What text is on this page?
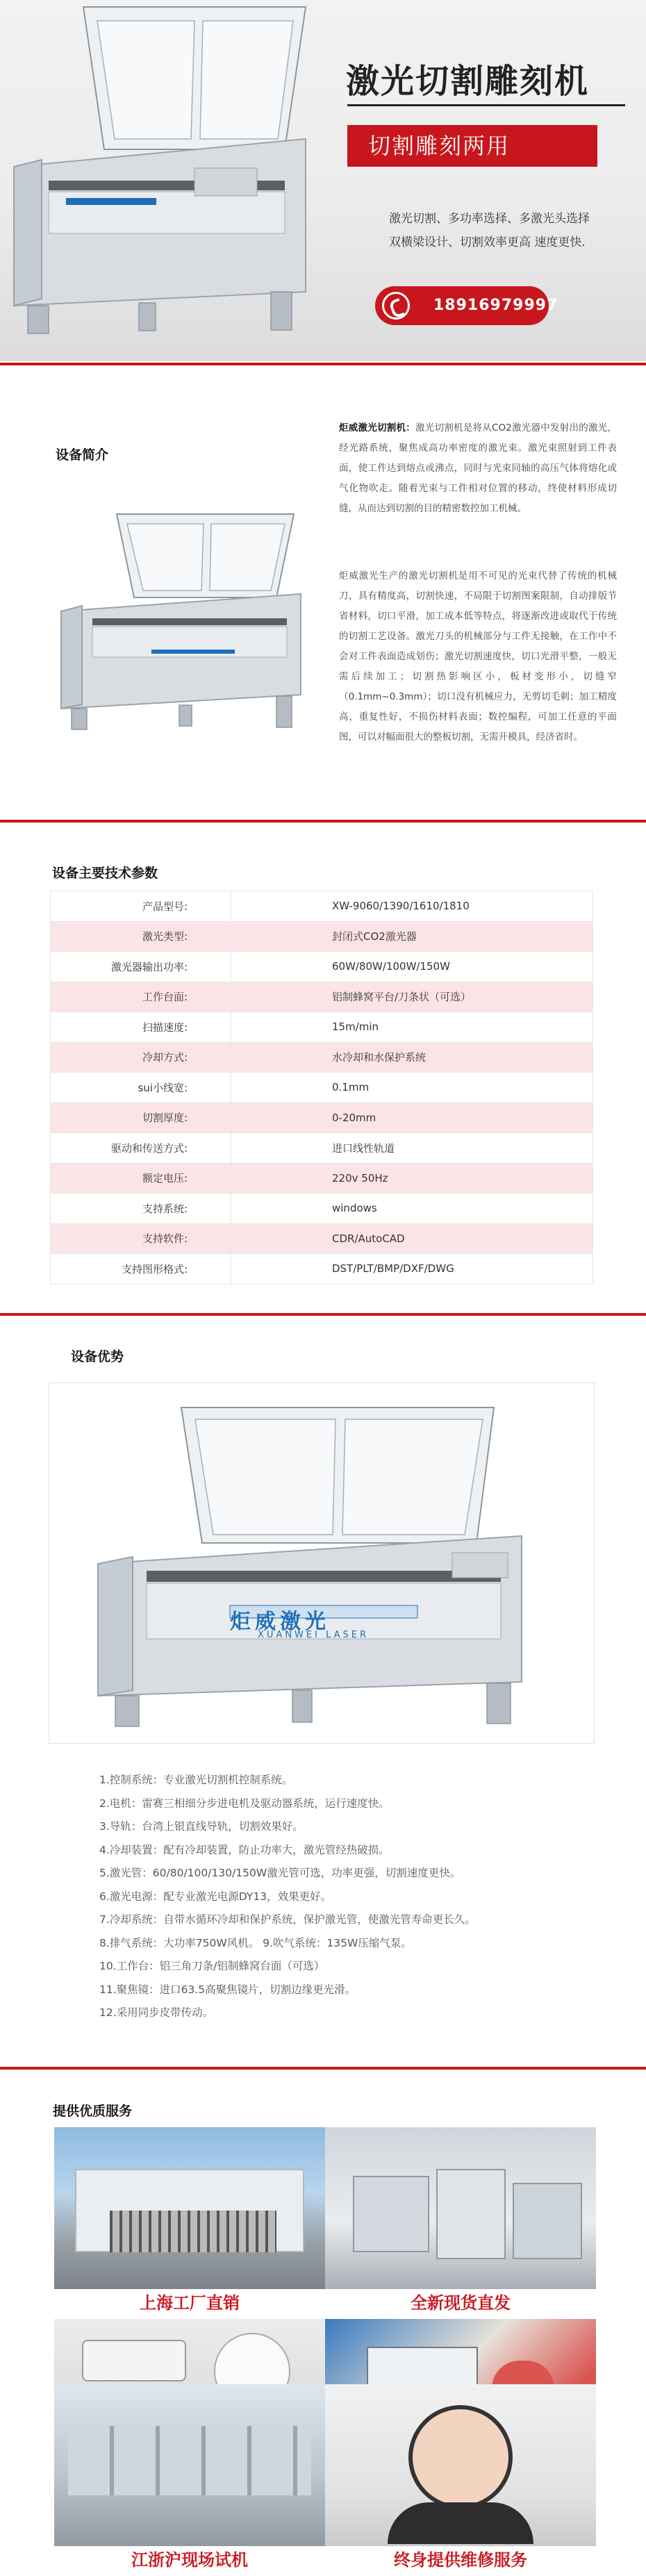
激光切割雕刻机
切割雕刻两用
激光切割、多功率选择、多激光头选择
双横梁设计、切割效率更高 速度更快.
18916979997
设备简介
炬威激光切割机：激光切割机是将从CO2激光器中发射出的激光，经光路系统，聚焦成高功率密度的激光束。激光束照射到工件表面，使工件达到熔点或沸点，同时与光束同轴的高压气体将熔化或气化物吹走。随着光束与工件相对位置的移动，终使材料形成切缝，从而达到切割的目的精密数控加工机械。
炬威激光生产的激光切割机是用不可见的光束代替了传统的机械刀，具有精度高，切割快速，不局限于切割图案限制，自动排版节省材料，切口平滑，加工成本低等特点，将逐渐改进或取代于传统的切割工艺设备。激光刀头的机械部分与工件无接触，在工作中不会对工件表面造成划伤；激光切割速度快，切口光滑平整，一般无需后续加工；切割热影响区小，板材变形小，切缝窄（0.1mm~0.3mm）；切口没有机械应力，无剪切毛刺；加工精度高，重复性好，不损伤材料表面；数控编程，可加工任意的平面图，可以对幅面很大的整板切割，无需开模具，经济省时。
设备主要技术参数
产品型号:	XW-9060/1390/1610/1810
激光类型:	封闭式CO2激光器
激光器输出功率:	60W/80W/100W/150W
工作台面:	铝制蜂窝平台/刀条状（可选）
扫描速度:	15m/min
冷却方式:	水冷却和水保护系统
sui小线宽:	0.1mm
切割厚度:	0-20mm
驱动和传送方式:	进口线性轨道
额定电压:	220v 50Hz
支持系统:	windows
支持软件:	CDR/AutoCAD
支持图形格式:	DST/PLT/BMP/DXF/DWG
设备优势
炬威激光
XUANWEI LASER
1.控制系统：专业激光切割机控制系统。
2.电机：雷赛三相细分步进电机及驱动器系统，运行速度快。
3.导轨：台湾上银直线导轨，切割效果好。
4.冷却装置：配有冷却装置，防止功率大，激光管经热破损。
5.激光管：60/80/100/130/150W激光管可选，功率更强，切割速度更快。
6.激光电源：配专业激光电源DY13，效果更好。
7.冷却系统：自带水循环冷却和保护系统，保护激光管，使激光管寿命更长久。
8.排气系统：大功率750W风机。 9.吹气系统：135W压缩气泵。
10.工作台：铝三角刀条/铝制蜂窝台面（可选）
11.聚焦镜：进口63.5高聚焦镜片，切割边缘更光滑。
12.采用同步皮带传动。
提供优质服务
上海工厂直销	全新现货直发
江浙沪现场试机	终身提供维修服务
